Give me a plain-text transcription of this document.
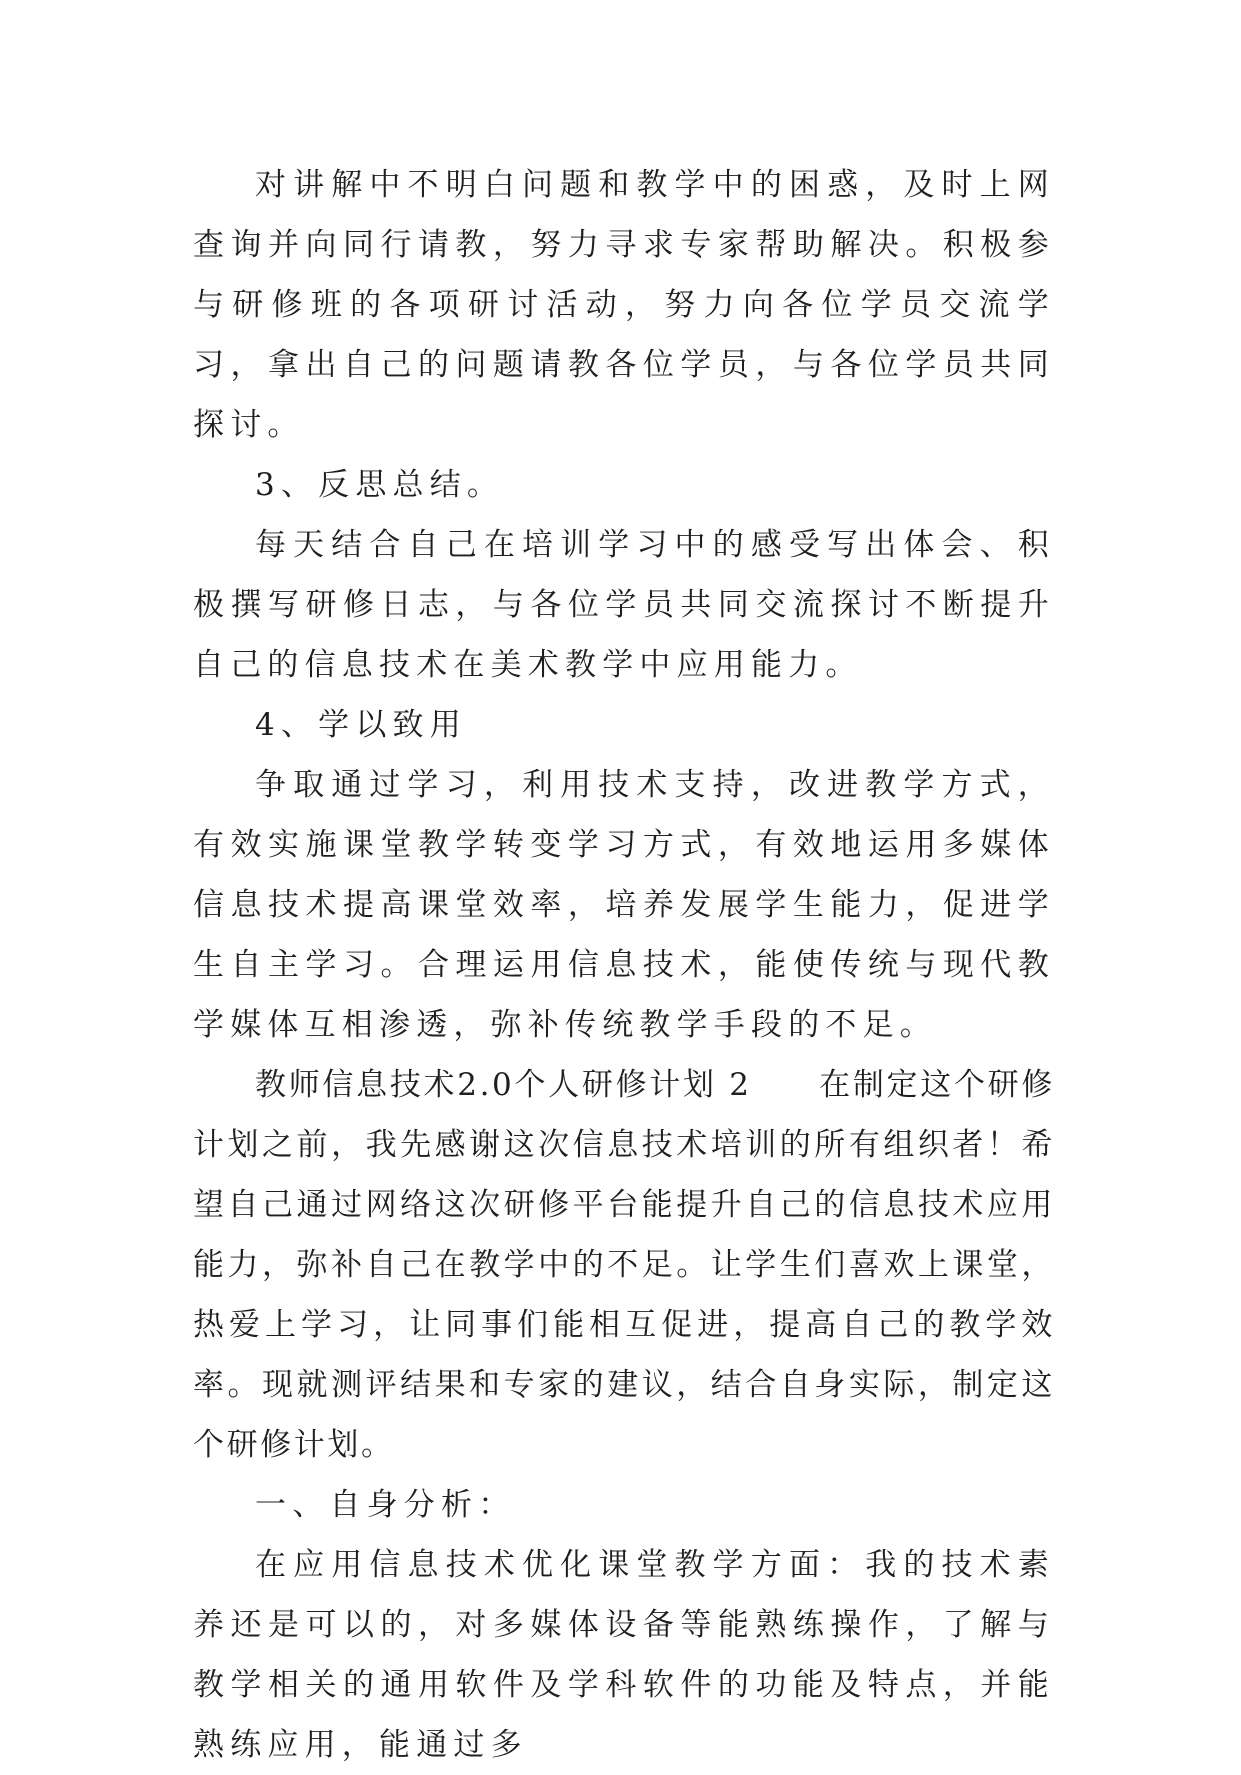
对讲解中不明白问题和教学中的困惑，及时上网查询并向同行请教，努力寻求专家帮助解决。积极参与研修班的各项研讨活动，努力向各位学员交流学习，拿出自己的问题请教各位学员，与各位学员共同探讨。

3、反思总结。

每天结合自己在培训学习中的感受写出体会、积极撰写研修日志，与各位学员共同交流探讨不断提升自己的信息技术在美术教学中应用能力。

4、学以致用

争取通过学习，利用技术支持，改进教学方式，有效实施课堂教学转变学习方式，有效地运用多媒体信息技术提高课堂效率，培养发展学生能力，促进学生自主学习。合理运用信息技术，能使传统与现代教学媒体互相渗透，弥补传统教学手段的不足。

教师信息技术2.0个人研修计划 2　　在制定这个研修计划之前，我先感谢这次信息技术培训的所有组织者！希望自己通过网络这次研修平台能提升自己的信息技术应用能力，弥补自己在教学中的不足。让学生们喜欢上课堂，热爱上学习，让同事们能相互促进，提高自己的教学效率。现就测评结果和专家的建议，结合自身实际，制定这个研修计划。

一、自身分析：

在应用信息技术优化课堂教学方面：我的技术素养还是可以的，对多媒体设备等能熟练操作，了解与教学相关的通用软件及学科软件的功能及特点，并能熟练应用，能通过多
